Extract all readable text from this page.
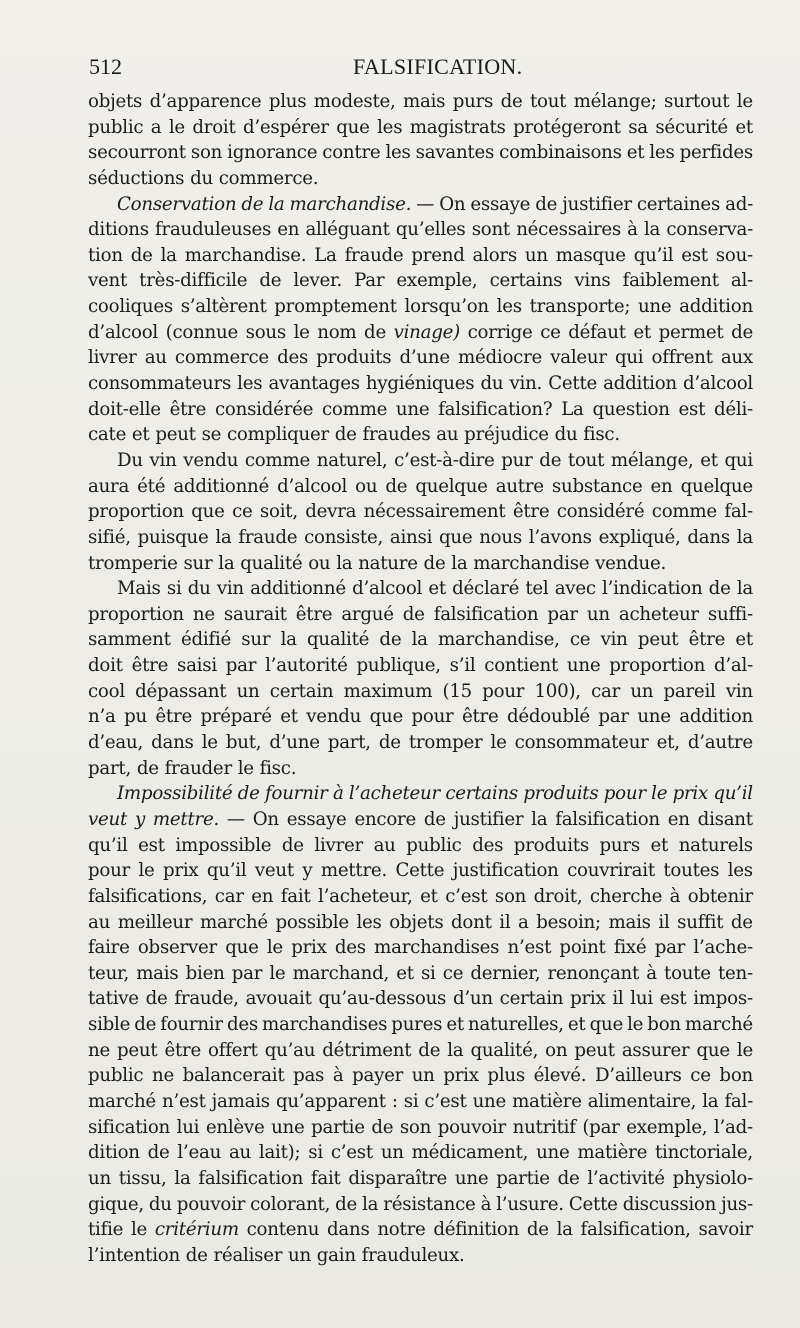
512	FALSIFICATION.
objets d’apparence plus modeste, mais purs de tout mélange; surtout le
public a le droit d’espérer que les magistrats protégeront sa sécurité et
secourront son ignorance contre les savantes combinaisons et les perfides
séductions du commerce.
Conservation de la marchandise. — On essaye de justifier certaines ad-
ditions frauduleuses en alléguant qu’elles sont nécessaires à la conserva-
tion de la marchandise. La fraude prend alors un masque qu’il est sou-
vent très-difficile de lever. Par exemple, certains vins faiblement al-
cooliques s’altèrent promptement lorsqu’on les transporte; une addition
d’alcool (connue sous le nom de vinage) corrige ce défaut et permet de
livrer au commerce des produits d’une médiocre valeur qui offrent aux
consommateurs les avantages hygiéniques du vin. Cette addition d’alcool
doit-elle être considérée comme une falsification? La question est déli-
cate et peut se compliquer de fraudes au préjudice du fisc.
Du vin vendu comme naturel, c’est-à-dire pur de tout mélange, et qui
aura été additionné d’alcool ou de quelque autre substance en quelque
proportion que ce soit, devra nécessairement être considéré comme fal-
sifié, puisque la fraude consiste, ainsi que nous l’avons expliqué, dans la
tromperie sur la qualité ou la nature de la marchandise vendue.
Mais si du vin additionné d’alcool et déclaré tel avec l’indication de la
proportion ne saurait être argué de falsification par un acheteur suffi-
samment édifié sur la qualité de la marchandise, ce vin peut être et
doit être saisi par l’autorité publique, s’il contient une proportion d’al-
cool dépassant un certain maximum (15 pour 100), car un pareil vin
n’a pu être préparé et vendu que pour être dédoublé par une addition
d’eau, dans le but, d’une part, de tromper le consommateur et, d’autre
part, de frauder le fisc.
Impossibilité de fournir à l’acheteur certains produits pour le prix qu’il
veut y mettre. — On essaye encore de justifier la falsification en disant
qu’il est impossible de livrer au public des produits purs et naturels
pour le prix qu’il veut y mettre. Cette justification couvrirait toutes les
falsifications, car en fait l’acheteur, et c’est son droit, cherche à obtenir
au meilleur marché possible les objets dont il a besoin; mais il suffit de
faire observer que le prix des marchandises n’est point fixé par l’ache-
teur, mais bien par le marchand, et si ce dernier, renonçant à toute ten-
tative de fraude, avouait qu’au-dessous d’un certain prix il lui est impos-
sible de fournir des marchandises pures et naturelles, et que le bon marché
ne peut être offert qu’au détriment de la qualité, on peut assurer que le
public ne balancerait pas à payer un prix plus élevé. D’ailleurs ce bon
marché n’est jamais qu’apparent : si c’est une matière alimentaire, la fal-
sification lui enlève une partie de son pouvoir nutritif (par exemple, l’ad-
dition de l’eau au lait); si c’est un médicament, une matière tinctoriale,
un tissu, la falsification fait disparaître une partie de l’activité physiolo-
gique, du pouvoir colorant, de la résistance à l’usure. Cette discussion jus-
tifie le critérium contenu dans notre définition de la falsification, savoir
l’intention de réaliser un gain frauduleux.
